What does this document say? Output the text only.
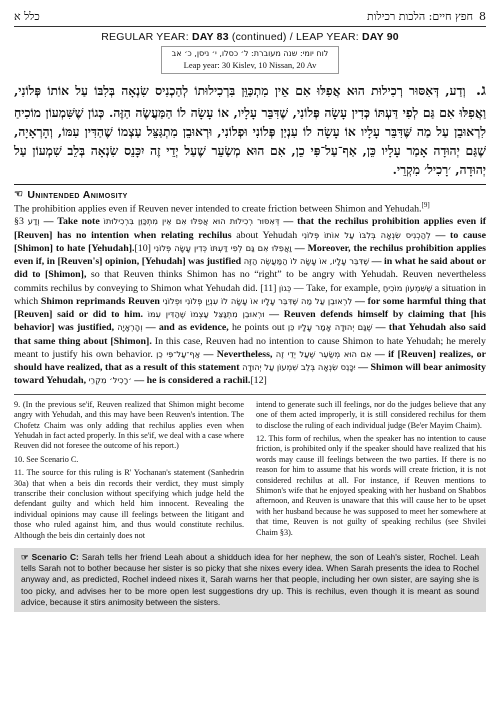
כלל א	חפץ חיים: הלכות רכילות 8
REGULAR YEAR: DAY 83 (continued) / LEAP YEAR: DAY 90
לוח יומי: שנה מעוברת: ל׳ כסלו, י׳ ניסן, כ׳ אב
Leap year: 30 Kislev, 10 Nissan, 20 Av
ג. וְדַע, דְּאִסּוּר רְכִילוּת הוּא אֲפִלּוּ אִם אֵין מִתְכַּוֵּן בִּרְכִילוּתוֹ לְהַכְנִיס שִׂנְאָה בְּלִבּוֹ עַל אוֹתוֹ פְּלוֹנִי, וַאֲפִלּוּ אִם גַּם לְפִי דַּעְתּוֹ כְּדִין עָשָׂה פְּלוֹנִי, שֶׁדִּבֵּר עָלָיו, אוֹ עָשָׂה לוֹ הַמַּעֲשֶׂה הַזֶּה. כְּגוֹן שֶׁשִּׁמְעוֹן מוֹכִיחַ לִרְאוּבֵן עַל מַה שֶּׁדִּבֵּר עָלָיו אוֹ עָשָׂה לוֹ עִנְיַן פְּלוֹנִי וּפְלוֹנִי, וּרְאוּבֵן מִתְגַּצֵּל עַצְמוֹ שֶׁהַדִּין עִמּוֹ, וְהָרְאָיָה, שֶׁגַּם יְהוּדָה אָמַר עָלָיו כֵּן, אַף־עַל־פִּי כֵן, אִם הוּא מְשַׂעֵר שֶׁעַל יְדֵי זֶה יִכָּנֵס שִׂנְאָה בְּלֵב שִׁמְעוֹן עַל יְהוּדָה, ׳רָכִיל׳ מִקְרֵי.
☜ Unintended Animosity

The prohibition applies even if Reuven never intended to create friction between Shimon and Yehudah.[9]

§3 וְדַע — Take note דְּאִסּוּר רְכִילוּת הוּא אֲפִלּוּ אִם אֵין מִתְכַּוֵּן בִּרְכִילוּתוֹ — that the rechilus prohibition applies even if [Reuven] has no intention when relating rechilus about Yehudah לְהַכְנִיס שִׂנְאָה בְּלִבּוֹ עַל אוֹתוֹ פְּלוֹנִי — to cause [Shimon] to hate [Yehudah].[10] וַאֲפִלּוּ אִם גַּם לְפִי דַּעְתּוֹ כְּדִין עָשָׂה פְּלוֹנִי — Moreover, the rechilus prohibition applies even if, in [Reuven's] opinion, [Yehudah] was justified שֶׁדִּבֵּר עָלָיו, אוֹ עָשָׂה לוֹ הַמַּעֲשֶׂה הַזֶּה — in what he said about or did to [Shimon], so that Reuven thinks Shimon has no “right” to be angry with Yehudah. Reuven nevertheless commits rechilus by conveying to Shimon what Yehudah did. [11] כְּגוֹן — Take, for example, שֶׁשִּׁמְעוֹן מוֹכִיחַ a situation in which Shimon reprimands Reuven לִרְאוּבֵן עַל מַה שֶּׁדִּבֵּר עָלָיו אוֹ עָשָׂה לוֹ עִנְיַן פְּלוֹנִי וּפְלוֹנִי — for some harmful thing that [Reuven] said or did to him. וּרְאוּבֵן מִתְגַּצֵּל עַצְמוֹ שֶׁהַדִּין עִמּוֹ — Reuven defends himself by claiming that [his behavior] was justified, וְהָרְאָיָה — and as evidence, he points out שֶׁגַּם יְהוּדָה אָמַר עָלָיו כֵּן — that Yehudah also said that same thing about [Shimon]. In this case, Reuven had no intention to cause Shimon to hate Yehudah; he merely meant to justify his own behavior. אַף־עַל־פִּי כֵן — Nevertheless, אִם הוּא מְשַׂעֵר שֶׁעַל יְדֵי זֶה — if [Reuven] realizes, or should have realized, that as a result of this statement יִכָּנֵס שִׂנְאָה בְּלֵב שִׁמְעוֹן עַל יְהוּדָה — Shimon will bear animosity toward Yehudah, ׳רָכִיל׳ מִקְרֵי — he is considered a rachil.[12]

9. (In the previous se'if, Reuven realized that Shimon might become angry with Yehudah, and this may have been Reuven's intention. The Chofetz Chaim was only adding that rechilus applies even when Yehudah in fact acted properly. In this se'if, we deal with a case where Reuven did not foresee the outcome of his report.)

10. See Scenario C.

11. The source for this ruling is R' Yochanan's statement (Sanhedrin 30a) that when a beis din records their verdict, they must simply transcribe their conclusion without specifying which judge held the defendant guilty and which held him innocent. Revealing the individual opinions may cause ill feelings between the litigant and those who ruled against him, and thus would constitute rechilus. Although the beis din certainly does not

intend to generate such ill feelings, nor do the judges believe that any one of them acted improperly, it is still considered rechilus for them to disclose the ruling of each individual judge (Be'er Mayim Chaim).

12. This form of rechilus, when the speaker has no intention to cause friction, is prohibited only if the speaker should have realized that his words may cause ill feelings between the two parties. If there is no reason for him to assume that his words will create friction, it is not considered rechilus at all. For instance, if Reuven mentions to Shimon's wife that he enjoyed speaking with her husband on Shabbos afternoon, and Reuven is unaware that this will cause her to be upset with her husband because he was supposed to meet her somewhere at that time, Reuven is not guilty of speaking rechilus (see Shvilei Chaim §3).

☞ Scenario C: Sarah tells her friend Leah about a shidduch idea for her nephew, the son of Leah's sister, Rochel. Leah tells Sarah not to bother because her sister is so picky that she nixes every idea. When Sarah presents the idea to Rochel anyway and, as predicted, Rochel indeed nixes it, Sarah warns her that people, including her own sister, are saying she is too picky, and advises her to be more open lest suggestions dry up. This is rechilus, even though it is meant as sound advice, because it stirs animosity between the sisters.
